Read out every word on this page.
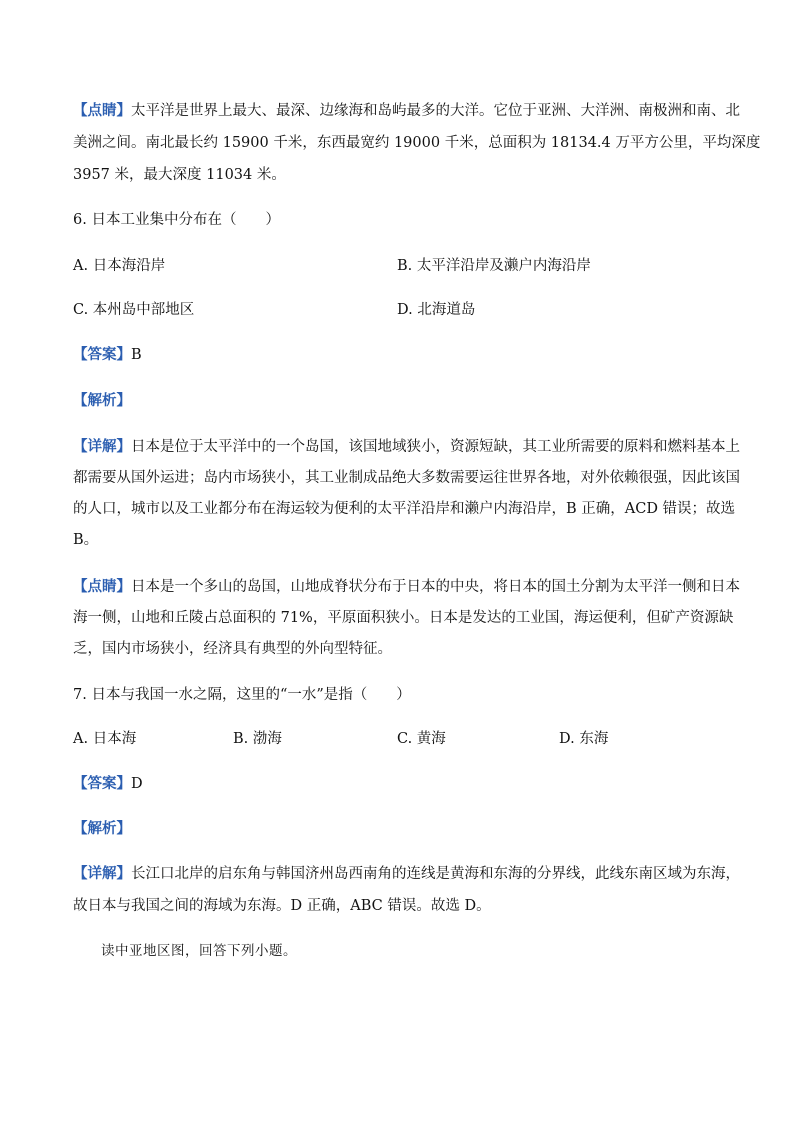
【点睛】太平洋是世界上最大、最深、边缘海和岛屿最多的大洋。它位于亚洲、大洋洲、南极洲和南、北
美洲之间。南北最长约 15900 千米，东西最宽约 19000 千米，总面积为 18134.4 万平方公里，平均深度
3957 米，最大深度 11034 米。
6. 日本工业集中分布在（　　）
A. 日本海沿岸	B. 太平洋沿岸及濑户内海沿岸
C. 本州岛中部地区	D. 北海道岛
【答案】B
【解析】
【详解】日本是位于太平洋中的一个岛国，该国地域狭小，资源短缺，其工业所需要的原料和燃料基本上
都需要从国外运进；岛内市场狭小，其工业制成品绝大多数需要运往世界各地，对外依赖很强，因此该国
的人口，城市以及工业都分布在海运较为便利的太平洋沿岸和濑户内海沿岸，B 正确，ACD 错误；故选
B。
【点睛】日本是一个多山的岛国，山地成脊状分布于日本的中央，将日本的国土分割为太平洋一侧和日本
海一侧，山地和丘陵占总面积的 71%，平原面积狭小。日本是发达的工业国，海运便利，但矿产资源缺
乏，国内市场狭小，经济具有典型的外向型特征。
7. 日本与我国一水之隔，这里的“一水”是指（　　）
A. 日本海	B. 渤海	C. 黄海	D. 东海
【答案】D
【解析】
【详解】长江口北岸的启东角与韩国济州岛西南角的连线是黄海和东海的分界线，此线东南区域为东海，
故日本与我国之间的海域为东海。D 正确，ABC 错误。故选 D。
读中亚地区图，回答下列小题。
